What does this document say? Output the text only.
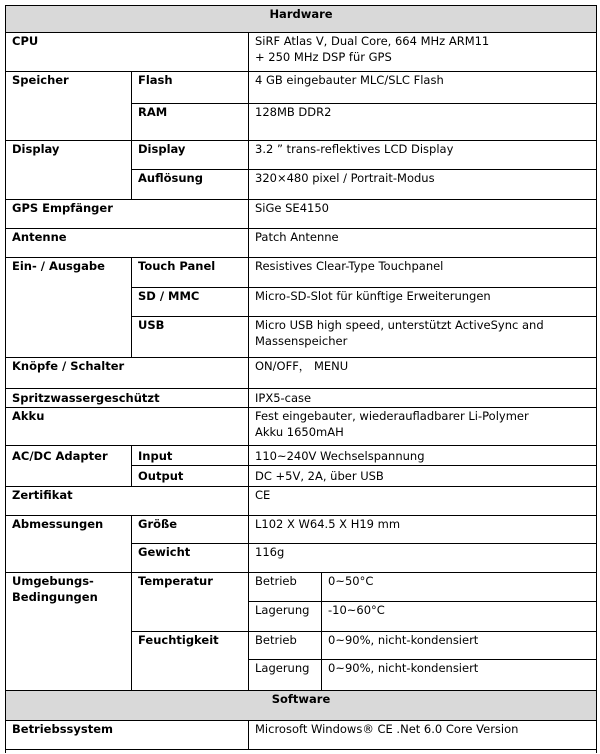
Hardware			
CPU		SiRF Atlas V, Dual Core, 664 MHz ARM11
+ 250 MHz DSP für GPS	

Speicher	Flash	4 GB eingebauter MLC/SLC Flash	
	RAM	128MB DDR2	
Display	Display	3.2 ” trans-reflektives LCD Display	
	Auflösung	320×480 pixel / Portrait-Modus	
GPS Empfänger		SiGe SE4150	
Antenne		Patch Antenne	
Ein- / Ausgabe	Touch Panel	Resistives Clear-Type Touchpanel	
	SD / MMC	Micro-SD-Slot für künftige Erweiterungen	
	USB	Micro USB high speed, unterstützt ActiveSync and
Massenspeicher	

Knöpfe / Schalter		ON/OFF， MENU	
Spritzwassergeschützt		IPX5-case	
Akku		Fest eingebauter, wiederaufladbarer Li-Polymer
Akku 1650mAH	

AC/DC Adapter	Input	110~240V Wechselspannung	
	Output	DC +5V, 2A, über USB	
Zertifikat		CE	
Abmessungen	Größe	L102 X W64.5 X H19 mm	
	Gewicht	116g	

Umgebungs-
Bedingungen	Temperatur	Betrieb	0~50°C
		Lagerung	-10~60°C
	Feuchtigkeit	Betrieb	0~90%, nicht-kondensiert
		Lagerung	0~90%, nicht-kondensiert
Software			
Betriebssystem		Microsoft Windows® CE .Net 6.0 Core Version	
